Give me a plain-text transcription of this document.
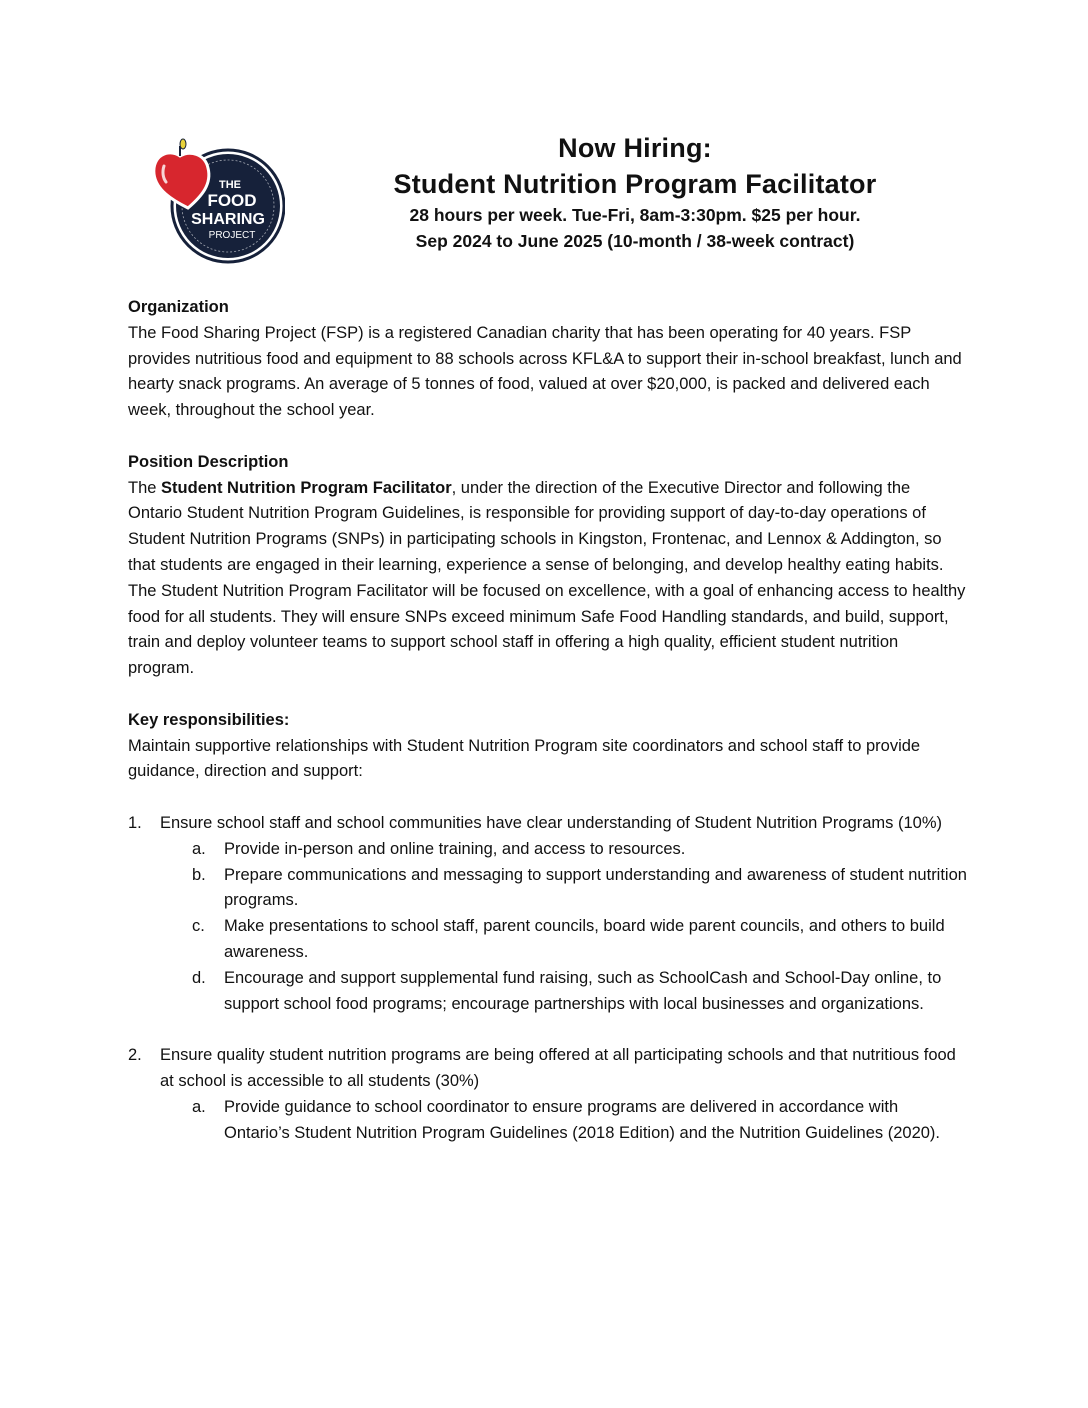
THE
FOOD
SHARING
PROJECT
Now Hiring:
Student Nutrition Program Facilitator
28 hours per week. Tue-Fri, 8am-3:30pm. $25 per hour.
Sep 2024 to June 2025 (10-month / 38-week contract)

Organization

The Food Sharing Project (FSP) is a registered Canadian charity that has been operating for 40 years. FSP provides nutritious food and equipment to 88 schools across KFL&A to support their in-school breakfast, lunch and hearty snack programs. An average of 5 tonnes of food, valued at over $20,000, is packed and delivered each week, throughout the school year.

Position Description

The Student Nutrition Program Facilitator, under the direction of the Executive Director and following the Ontario Student Nutrition Program Guidelines, is responsible for providing support of day-to-day operations of Student Nutrition Programs (SNPs) in participating schools in Kingston, Frontenac, and Lennox & Addington, so that students are engaged in their learning, experience a sense of belonging, and develop healthy eating habits. The Student Nutrition Program Facilitator will be focused on excellence, with a goal of enhancing access to healthy food for all students. They will ensure SNPs exceed minimum Safe Food Handling standards, and build, support, train and deploy volunteer teams to support school staff in offering a high quality, efficient student nutrition program.

Key responsibilities:

Maintain supportive relationships with Student Nutrition Program site coordinators and school staff to provide guidance, direction and support:

1. Ensure school staff and school communities have clear understanding of Student Nutrition Programs (10%)

a. Provide in-person and online training, and access to resources.

b. Prepare communications and messaging to support understanding and awareness of student nutrition programs.

c. Make presentations to school staff, parent councils, board wide parent councils, and others to build awareness.

d. Encourage and support supplemental fund raising, such as SchoolCash and School-Day online, to support school food programs; encourage partnerships with local businesses and organizations.

2. Ensure quality student nutrition programs are being offered at all participating schools and that nutritious food at school is accessible to all students (30%)

a. Provide guidance to school coordinator to ensure programs are delivered in accordance with Ontario’s Student Nutrition Program Guidelines (2018 Edition) and the Nutrition Guidelines (2020).
